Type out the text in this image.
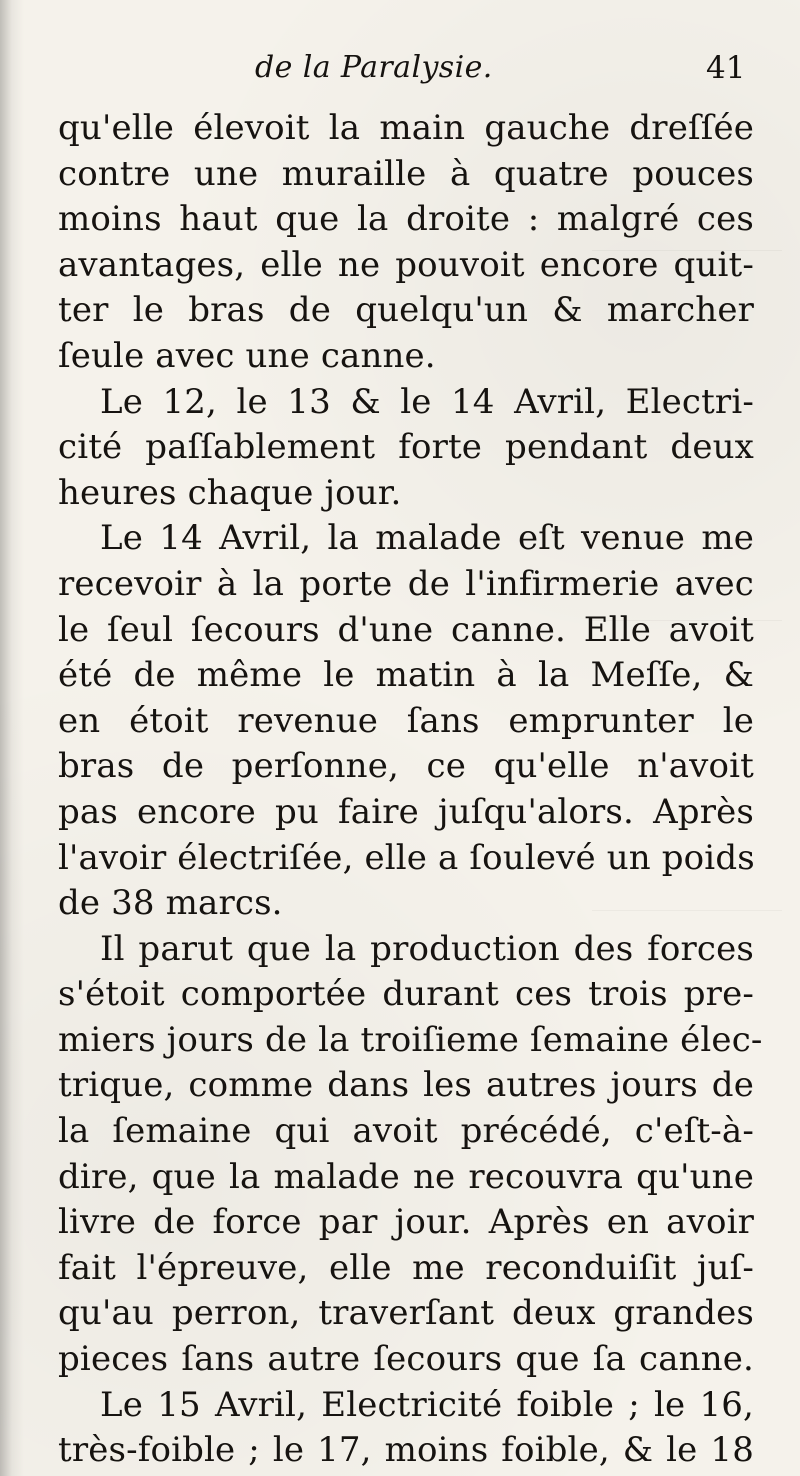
de la Paralysie.	41
qu'elle élevoit la main gauche dreſſée
contre une muraille à quatre pouces
moins haut que la droite : malgré ces
avantages, elle ne pouvoit encore quit-
ter le bras de quelqu'un & marcher
ſeule avec une canne.
Le 12, le 13 & le 14 Avril, Electri-
cité paſſablement forte pendant deux
heures chaque jour.
Le 14 Avril, la malade eſt venue me
recevoir à la porte de l'infirmerie avec
le ſeul ſecours d'une canne. Elle avoit
été de même le matin à la Meſſe, &
en étoit revenue ſans emprunter le
bras de perſonne, ce qu'elle n'avoit
pas encore pu faire juſqu'alors. Après
l'avoir électriſée, elle a ſoulevé un poids
de 38 marcs.
Il parut que la production des forces
s'étoit comportée durant ces trois pre-
miers jours de la troiſieme ſemaine élec-
trique, comme dans les autres jours de
la ſemaine qui avoit précédé, c'eſt-à-
dire, que la malade ne recouvra qu'une
livre de force par jour. Après en avoir
fait l'épreuve, elle me reconduiſit juſ-
qu'au perron, traverſant deux grandes
pieces ſans autre ſecours que ſa canne.
Le 15 Avril, Electricité foible ; le 16,
très-foible ; le 17, moins foible, & le 18
